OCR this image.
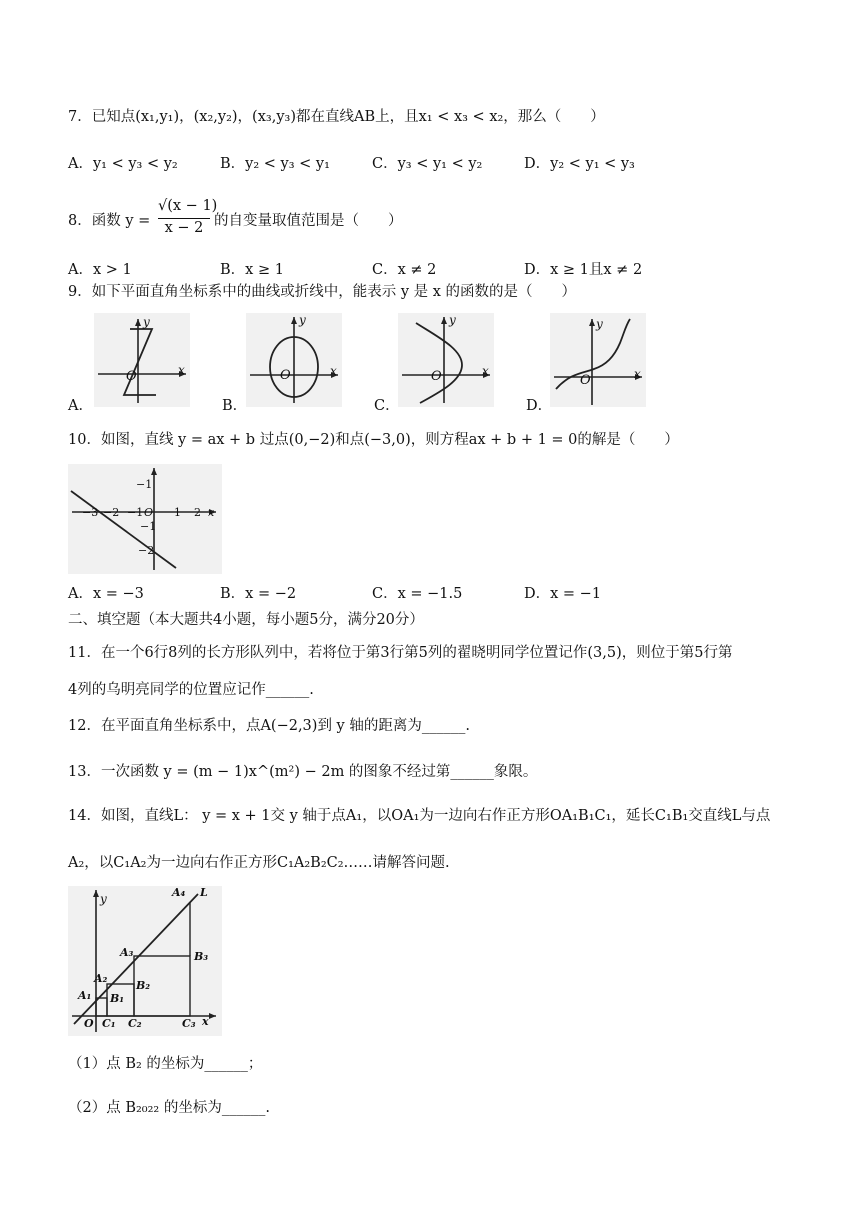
7．已知点(x₁,y₁)，(x₂,y₂)，(x₃,y₃)都在直线AB上，且x₁ < x₃ < x₂，那么（　　）
A．y₁ < y₃ < y₂	B．y₂ < y₃ < y₁	C．y₃ < y₁ < y₂	D．y₂ < y₁ < y₃
8．函数 y =
√(x − 1)
x − 2 的自变量取值范围是（　　）
A．x > 1	B．x ≥ 1	C．x ≠ 2	D．x ≥ 1且x ≠ 2
9．如下平面直角坐标系中的曲线或折线中，能表示 y 是 x 的函数的是（　　）
y
x
O
A．
y
x
O
B．
y
x
O
C．
y
x
O
D．
10．如图，直线 y = ax + b 过点(0,−2)和点(−3,0)，则方程ax + b + 1 = 0的解是（　　）
−3 −2 −1 O 1 2 x
−1
−1
−2
A．x = −3	B．x = −2	C．x = −1.5	D．x = −1
二、填空题（本大题共4小题，每小题5分，满分20分）
11．在一个6行8列的长方形队列中，若将位于第3行第5列的翟晓明同学位置记作(3,5)，则位于第5行第
4列的乌明亮同学的位置应记作______.
12．在平面直角坐标系中，点A(−2,3)到 y 轴的距离为______.
13．一次函数 y = (m − 1)x^(m²) − 2m 的图象不经过第______象限。
14．如图，直线L： y = x + 1交 y 轴于点A₁，以OA₁为一边向右作正方形OA₁B₁C₁，延长C₁B₁交直线L与点
A₂，以C₁A₂为一边向右作正方形C₁A₂B₂C₂……请解答问题.
y	A₄ L
A₃	B₃
A₂
B₂
A₁ B₁
O C₁ C₂	C₃ x
（1）点 B₂ 的坐标为______；
（2）点 B₂₀₂₂ 的坐标为______.
